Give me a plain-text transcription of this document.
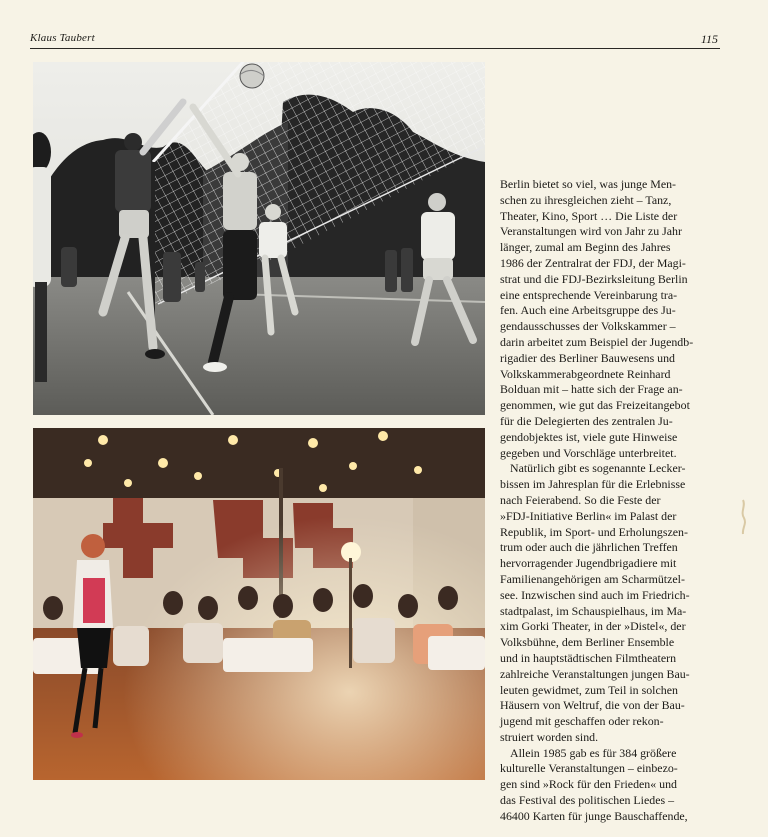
Klaus Taubert	115

Berlin bietet so viel, was junge Men-
schen zu ihresgleichen zieht – Tanz,
Theater, Kino, Sport … Die Liste der
Veranstaltungen wird von Jahr zu Jahr
länger, zumal am Beginn des Jahres
1986 der Zentralrat der FDJ, der Magi-
strat und die FDJ-Bezirksleitung Berlin
eine entsprechende Vereinbarung tra-
fen. Auch eine Arbeitsgruppe des Ju-
gendausschusses der Volkskammer –
darin arbeitet zum Beispiel der Jugendb-
rigadier des Berliner Bauwesens und
Volkskammerabgeordnete Reinhard
Bolduan mit – hatte sich der Frage an-
genommen, wie gut das Freizeitangebot
für die Delegierten des zentralen Ju-
gendobjektes ist, viele gute Hinweise
gegeben und Vorschläge unterbreitet.

Natürlich gibt es sogenannte Lecker-
bissen im Jahresplan für die Erlebnisse
nach Feierabend. So die Feste der
»FDJ-Initiative Berlin« im Palast der
Republik, im Sport- und Erholungszen-
trum oder auch die jährlichen Treffen
hervorragender Jugendbrigadiere mit
Familienangehörigen am Scharmützel-
see. Inzwischen sind auch im Friedrich-
stadtpalast, im Schauspielhaus, im Ma-
xim Gorki Theater, in der »Distel«, der
Volksbühne, dem Berliner Ensemble
und in hauptstädtischen Filmtheatern
zahlreiche Veranstaltungen jungen Bau-
leuten gewidmet, zum Teil in solchen
Häusern von Weltruf, die von der Bau-
jugend mit geschaffen oder rekon-
struiert worden sind.

Allein 1985 gab es für 384 größere
kulturelle Veranstaltungen – einbezo-
gen sind »Rock für den Frieden« und
das Festival des politischen Liedes –
46400 Karten für junge Bauschaffende,
